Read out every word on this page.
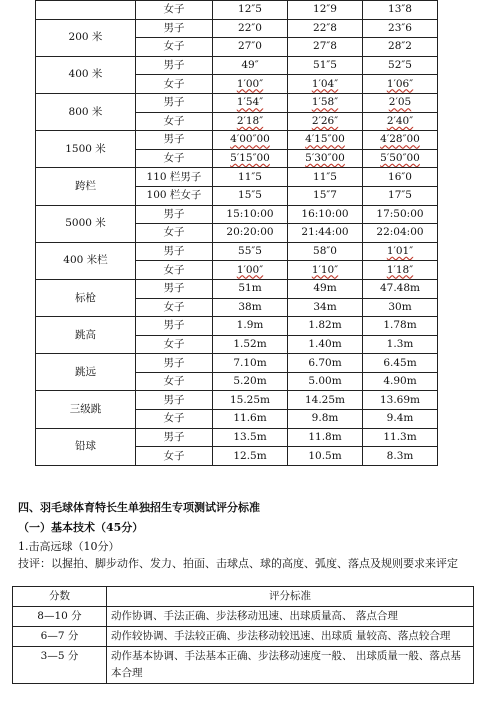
	女子	12″5	12″9	13″8
200 米	男子	22″0	22″8	23″6
	女子	27″0	27″8	28″2
400 米	男子	49″	51″5	52″5
	女子	1′00″	1′04″	1′06″
800 米	男子	1′54″	1′58″	2′05
	女子	2′18″	2′26″	2′40″
1500 米	男子	4′00″00	4′15″00	4′28″00
	女子	5′15″00	5′30″00	5′50″00
跨栏	110 栏男子	11″5	11″5	16″0
	100 栏女子	15″5	15″7	17″5
5000 米	男子	15:10:00	16:10:00	17:50:00
	女子	20:20:00	21:44:00	22:04:00
400 米栏	男子	55″5	58″0	1′01″
	女子	1′00″	1′10″	1′18″
标枪	男子	51m	49m	47.48m
	女子	38m	34m	30m
跳高	男子	1.9m	1.82m	1.78m
	女子	1.52m	1.40m	1.3m
跳远	男子	7.10m	6.70m	6.45m
	女子	5.20m	5.00m	4.90m
三级跳	男子	15.25m	14.25m	13.69m
	女子	11.6m	9.8m	9.4m
铅球	男子	13.5m	11.8m	11.3m
	女子	12.5m	10.5m	8.3m
四、羽毛球体育特长生单独招生专项测试评分标准
（一）基本技术（45分）
1.击高远球（10分）
技评：以握拍、脚步动作、发力、拍面、击球点、球的高度、弧度、落点及规则要求来评定
分数	评分标准
8—10 分	动作协调、手法正确、步法移动迅速、出球质量高、 落点合理
6—7 分	动作较协调、手法较正确、步法移动较迅速、出球质 量较高、落点较合理
3—5 分	动作基本协调、手法基本正确、步法移动速度一般、 出球质量一般、落点基本合理
